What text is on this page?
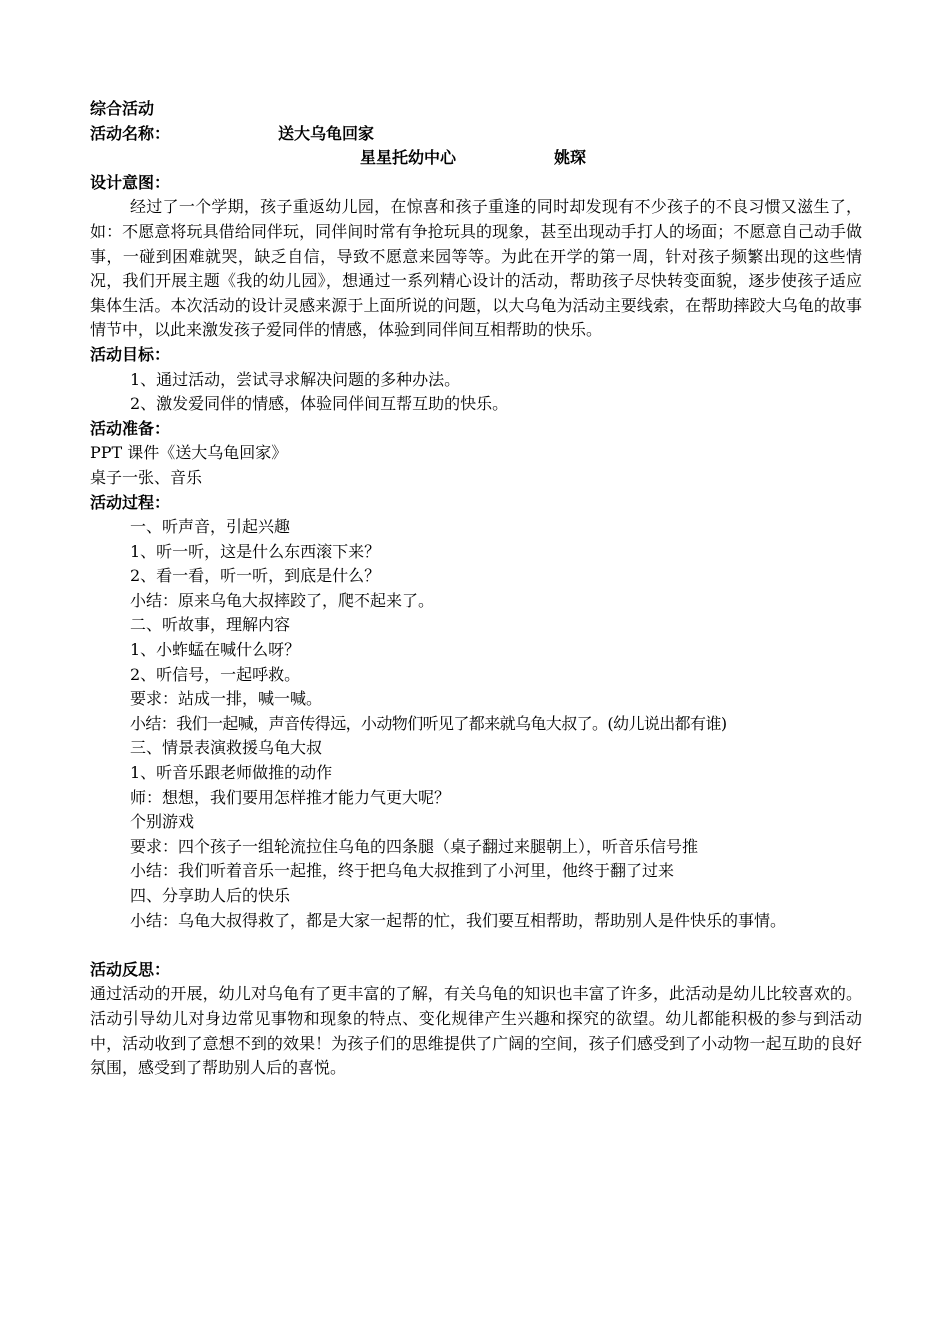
综合活动
活动名称：	送大乌龟回家
星星托幼中心	姚琛
设计意图：
经过了一个学期，孩子重返幼儿园，在惊喜和孩子重逢的同时却发现有不少孩子的不良习惯又滋生了，如：不愿意将玩具借给同伴玩，同伴间时常有争抢玩具的现象，甚至出现动手打人的场面；不愿意自己动手做事，一碰到困难就哭，缺乏自信，导致不愿意来园等等。为此在开学的第一周，针对孩子频繁出现的这些情况，我们开展主题《我的幼儿园》，想通过一系列精心设计的活动，帮助孩子尽快转变面貌，逐步使孩子适应集体生活。本次活动的设计灵感来源于上面所说的问题，以大乌龟为活动主要线索，在帮助摔跤大乌龟的故事情节中，以此来激发孩子爱同伴的情感，体验到同伴间互相帮助的快乐。
活动目标：
1、通过活动，尝试寻求解决问题的多种办法。
2、激发爱同伴的情感，体验同伴间互帮互助的快乐。
活动准备：
PPT 课件《送大乌龟回家》
桌子一张、音乐
活动过程：
一、听声音，引起兴趣
1、听一听，这是什么东西滚下来？
2、看一看，听一听，到底是什么？
小结：原来乌龟大叔摔跤了，爬不起来了。
二、听故事，理解内容
1、小蚱蜢在喊什么呀？
2、听信号，一起呼救。
要求：站成一排，喊一喊。
小结：我们一起喊，声音传得远，小动物们听见了都来就乌龟大叔了。(幼儿说出都有谁)
三、情景表演救援乌龟大叔
1、听音乐跟老师做推的动作
师：想想，我们要用怎样推才能力气更大呢？
个别游戏
要求：四个孩子一组轮流拉住乌龟的四条腿（桌子翻过来腿朝上），听音乐信号推
小结：我们听着音乐一起推，终于把乌龟大叔推到了小河里，他终于翻了过来
四、分享助人后的快乐
小结：乌龟大叔得救了，都是大家一起帮的忙，我们要互相帮助，帮助别人是件快乐的事情。
活动反思：
通过活动的开展，幼儿对乌龟有了更丰富的了解，有关乌龟的知识也丰富了许多，此活动是幼儿比较喜欢的。活动引导幼儿对身边常见事物和现象的特点、变化规律产生兴趣和探究的欲望。幼儿都能积极的参与到活动中，活动收到了意想不到的效果！为孩子们的思维提供了广阔的空间，孩子们感受到了小动物一起互助的良好氛围，感受到了帮助别人后的喜悦。
